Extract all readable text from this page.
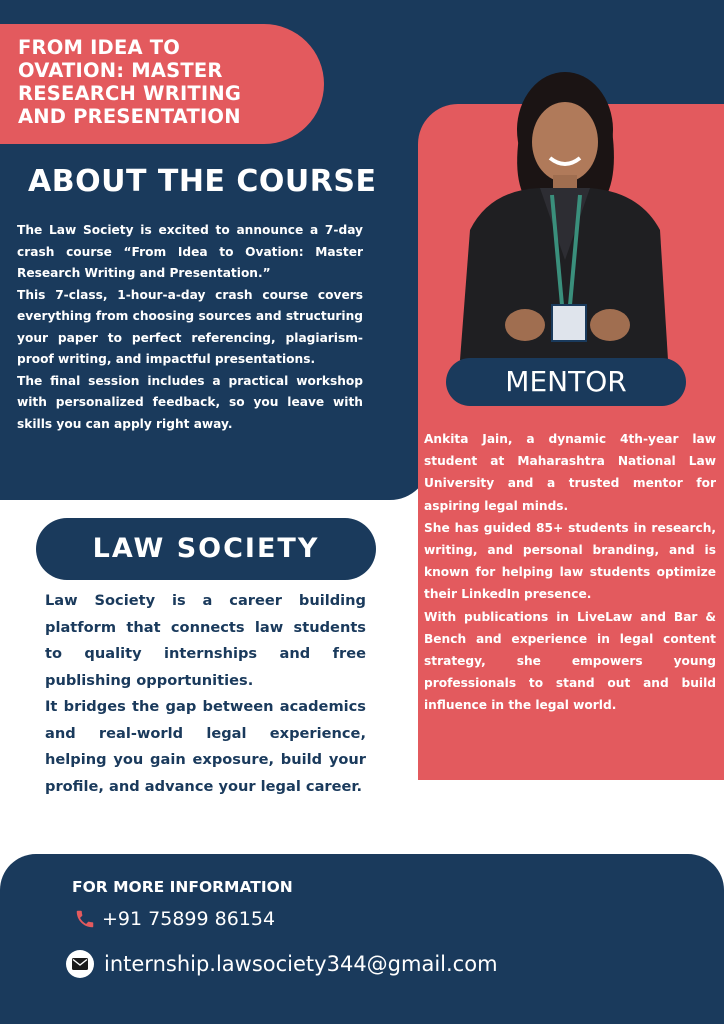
FROM IDEA TO
OVATION: MASTER
RESEARCH WRITING
AND PRESENTATION
ABOUT THE COURSE

The Law Society is excited to announce a 7-day crash course “From Idea to Ovation: Master Research Writing and Presentation.”

This 7-class, 1-hour-a-day crash course covers everything from choosing sources and structuring your paper to perfect referencing, plagiarism-proof writing, and impactful presentations.

The final session includes a practical workshop with personalized feedback, so you leave with skills you can apply right away.

MENTOR

Ankita Jain, a dynamic 4th-year law student at Maharashtra National Law University and a trusted mentor for aspiring legal minds.

She has guided 85+ students in research, writing, and personal branding, and is known for helping law students optimize their LinkedIn presence.

With publications in LiveLaw and Bar & Bench and experience in legal content strategy, she empowers young professionals to stand out and build influence in the legal world.

LAW SOCIETY

Law Society is a career building platform that connects law students to quality internships and free publishing opportunities.

It bridges the gap between academics and real-world legal experience, helping you gain exposure, build your profile, and advance your legal career.

FOR MORE INFORMATION
+91 75899 86154
internship.lawsociety344@gmail.com
